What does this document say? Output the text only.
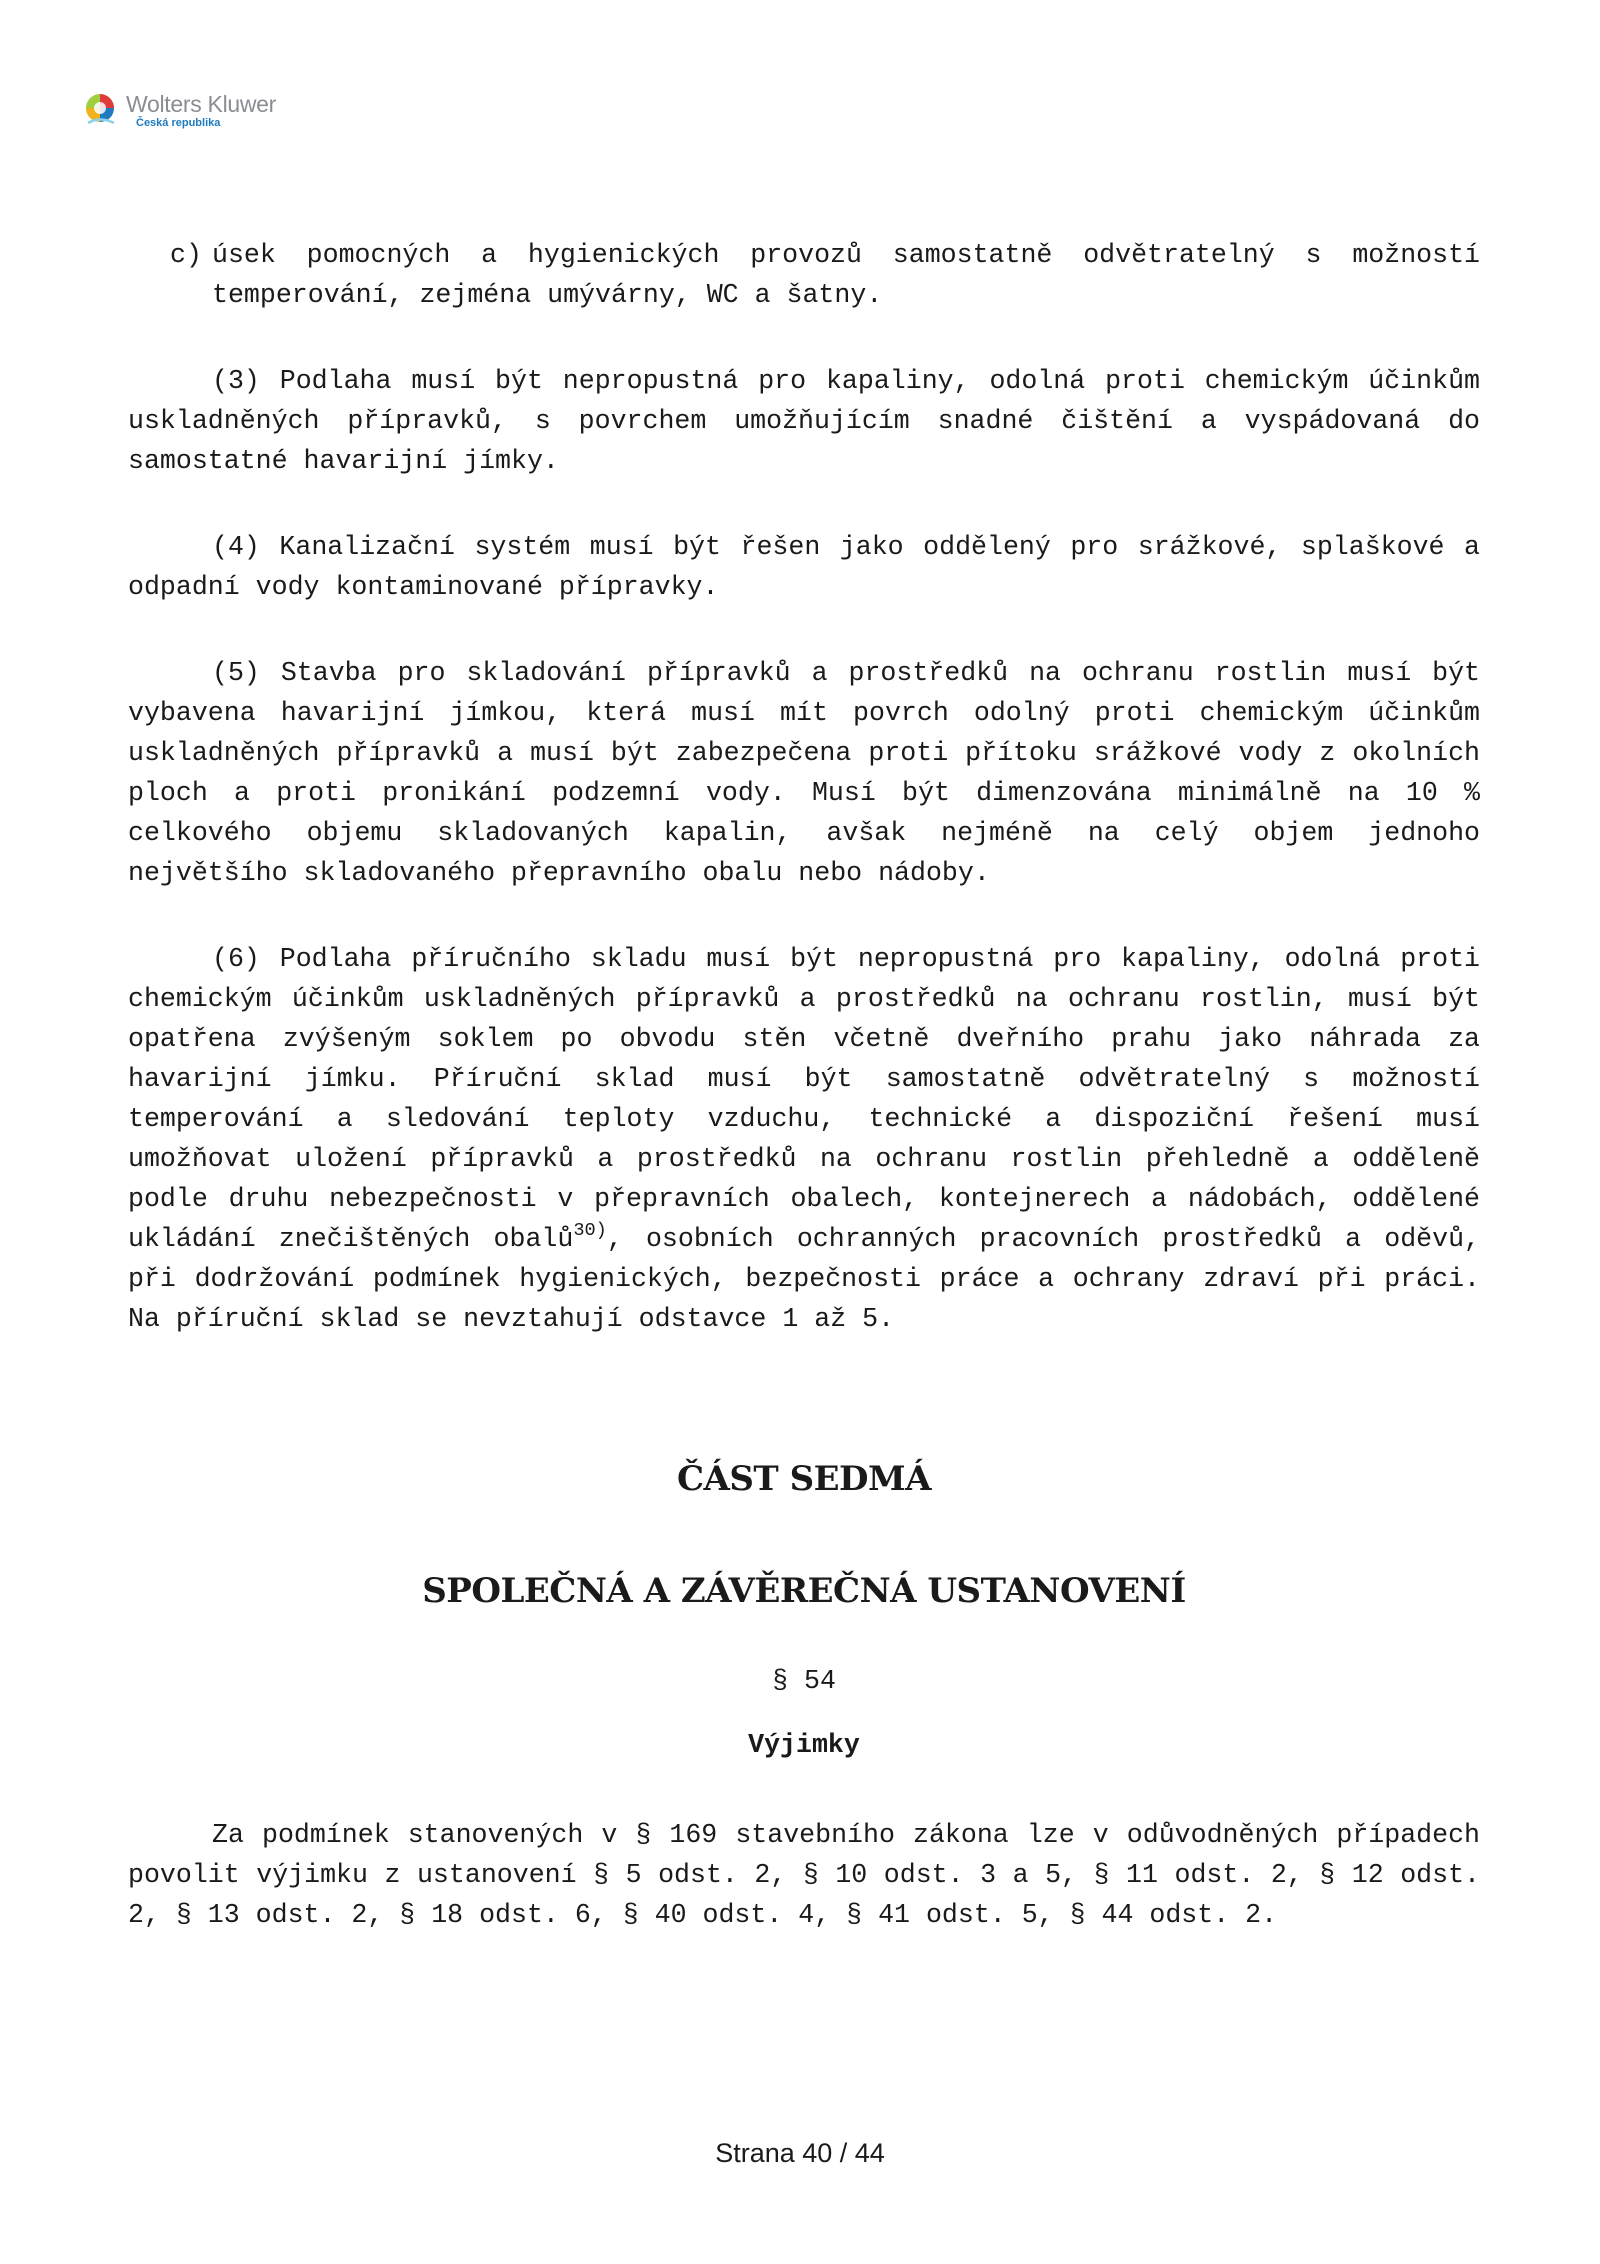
Wolters Kluwer
Česká republika
c) úsek pomocných a hygienických provozů samostatně odvětratelný s možností temperování, zejména umývárny, WC a šatny.

(3) Podlaha musí být nepropustná pro kapaliny, odolná proti chemickým účinkům uskladněných přípravků, s povrchem umožňujícím snadné čištění a vyspádovaná do samostatné havarijní jímky.

(4) Kanalizační systém musí být řešen jako oddělený pro srážkové, splaškové a odpadní vody kontaminované přípravky.

(5) Stavba pro skladování přípravků a prostředků na ochranu rostlin musí být vybavena havarijní jímkou, která musí mít povrch odolný proti chemickým účinkům uskladněných přípravků a musí být zabezpečena proti přítoku srážkové vody z okolních ploch a proti pronikání podzemní vody. Musí být dimenzována minimálně na 10 % celkového objemu skladovaných kapalin, avšak nejméně na celý objem jednoho největšího skladovaného přepravního obalu nebo nádoby.

(6) Podlaha příručního skladu musí být nepropustná pro kapaliny, odolná proti chemickým účinkům uskladněných přípravků a prostředků na ochranu rostlin, musí být opatřena zvýšeným soklem po obvodu stěn včetně dveřního prahu jako náhrada za havarijní jímku. Příruční sklad musí být samostatně odvětratelný s možností temperování a sledování teploty vzduchu, technické a dispoziční řešení musí umožňovat uložení přípravků a prostředků na ochranu rostlin přehledně a odděleně podle druhu nebezpečnosti v přepravních obalech, kontejnerech a nádobách, oddělené ukládání znečištěných obalů$^{30)}$, osobních ochranných pracovních prostředků a oděvů, při dodržování podmínek hygienických, bezpečnosti práce a ochrany zdraví při práci. Na příruční sklad se nevztahují odstavce 1 až 5.

ČÁST SEDMÁ
SPOLEČNÁ A ZÁVĚREČNÁ USTANOVENÍ
§ 54
Výjimky

Za podmínek stanovených v § 169 stavebního zákona lze v odůvodněných případech povolit výjimku z ustanovení § 5 odst. 2, § 10 odst. 3 a 5, § 11 odst. 2, § 12 odst. 2, § 13 odst. 2, § 18 odst. 6, § 40 odst. 4, § 41 odst. 5, § 44 odst. 2.

Strana 40 / 44
